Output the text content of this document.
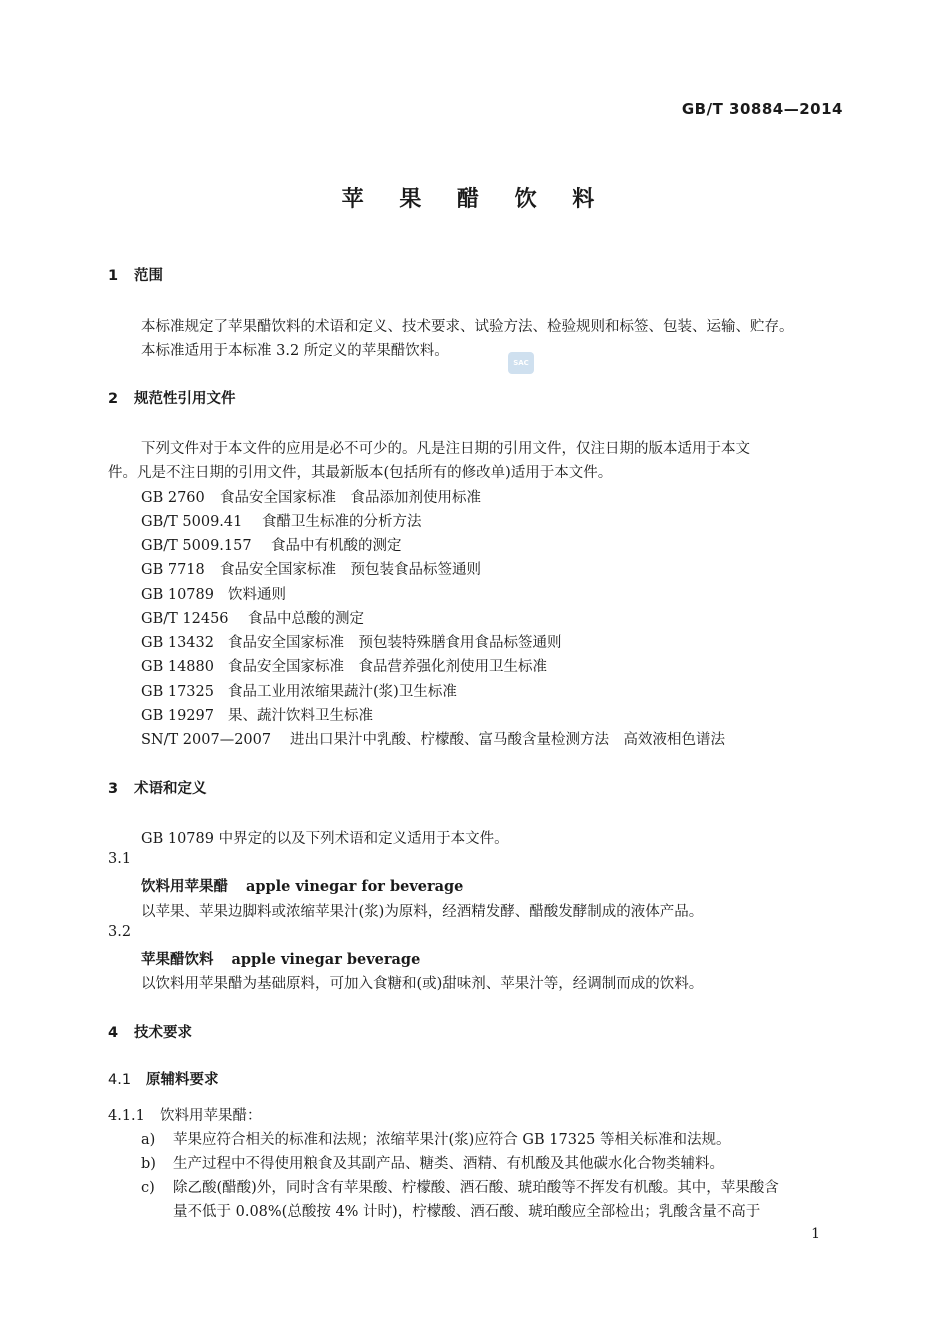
GB/T 30884—2014
苹 果 醋 饮 料
1 范围
本标准规定了苹果醋饮料的术语和定义、技术要求、试验方法、检验规则和标签、包装、运输、贮存。
本标准适用于本标准 3.2 所定义的苹果醋饮料。
SAC
2 规范性引用文件
下列文件对于本文件的应用是必不可少的。凡是注日期的引用文件，仅注日期的版本适用于本文
件。凡是不注日期的引用文件，其最新版本(包括所有的修改单)适用于本文件。
GB 2760 食品安全国家标准　食品添加剂使用标准
GB/T 5009.41 食醋卫生标准的分析方法
GB/T 5009.157 食品中有机酸的测定
GB 7718 食品安全国家标准　预包装食品标签通则
GB 10789 饮料通则
GB/T 12456 食品中总酸的测定
GB 13432 食品安全国家标准　预包装特殊膳食用食品标签通则
GB 14880 食品安全国家标准　食品营养强化剂使用卫生标准
GB 17325 食品工业用浓缩果蔬汁(浆)卫生标准
GB 19297 果、蔬汁饮料卫生标准
SN/T 2007—2007 进出口果汁中乳酸、柠檬酸、富马酸含量检测方法　高效液相色谱法
3 术语和定义
GB 10789 中界定的以及下列术语和定义适用于本文件。
3.1
饮料用苹果醋 apple vinegar for beverage
以苹果、苹果边脚料或浓缩苹果汁(浆)为原料，经酒精发酵、醋酸发酵制成的液体产品。
3.2
苹果醋饮料 apple vinegar beverage
以饮料用苹果醋为基础原料，可加入食糖和(或)甜味剂、苹果汁等，经调制而成的饮料。
4 技术要求
4.1 原辅料要求
4.1.1 饮料用苹果醋：
a) 苹果应符合相关的标准和法规；浓缩苹果汁(浆)应符合 GB 17325 等相关标准和法规。
b) 生产过程中不得使用粮食及其副产品、糖类、酒精、有机酸及其他碳水化合物类辅料。
c) 除乙酸(醋酸)外，同时含有苹果酸、柠檬酸、酒石酸、琥珀酸等不挥发有机酸。其中，苹果酸含
量不低于 0.08%(总酸按 4% 计时)，柠檬酸、酒石酸、琥珀酸应全部检出；乳酸含量不高于
1
